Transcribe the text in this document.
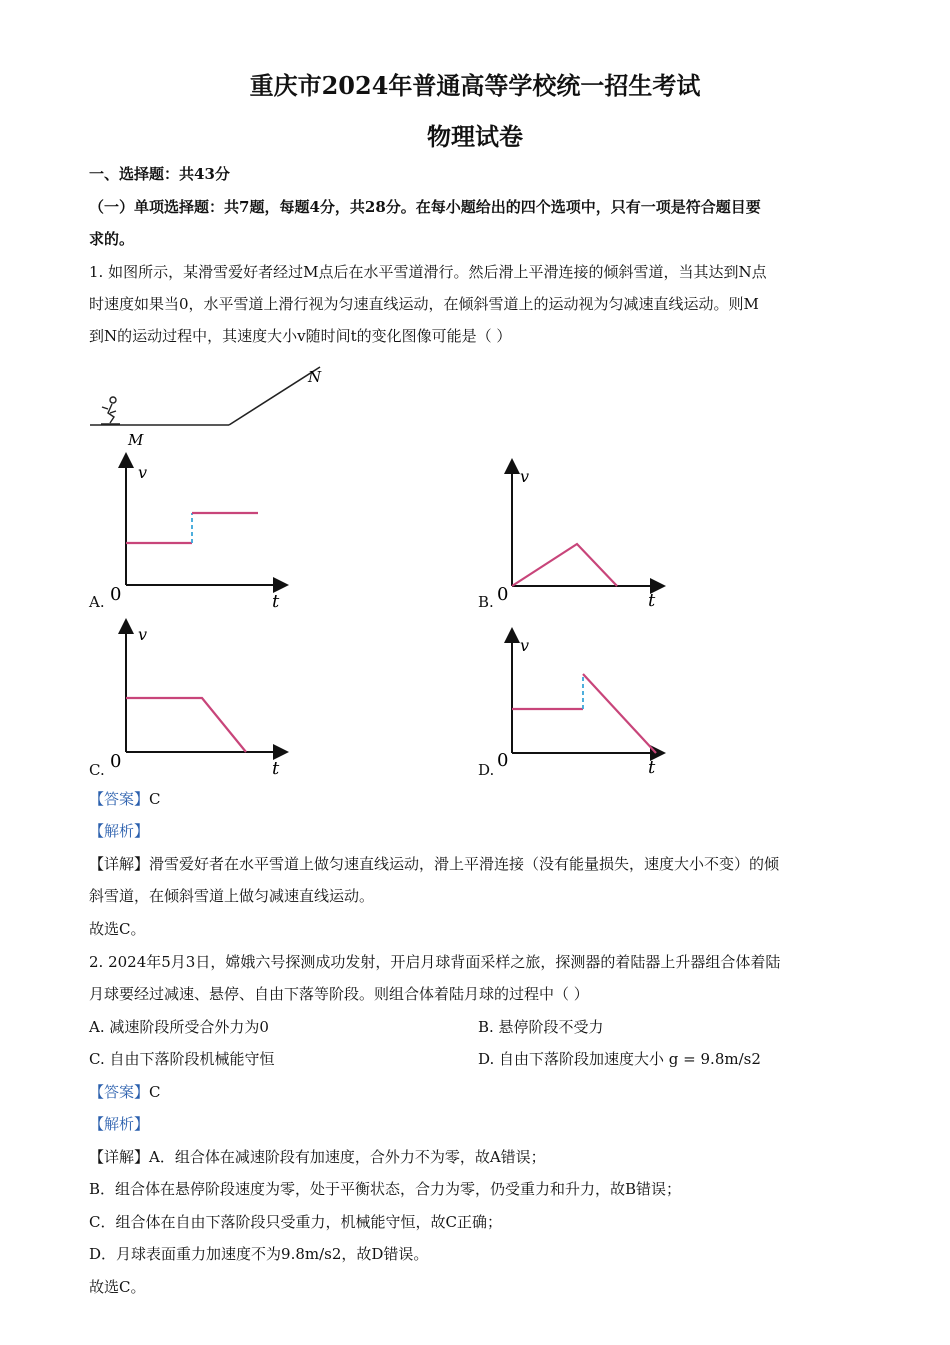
重庆市2024年普通高等学校统一招生考试
物理试卷
一、选择题：共43分
（一）单项选择题：共7题，每题4分，共28分。在每小题给出的四个选项中，只有一项是符合题目要
求的。
1. 如图所示，某滑雪爱好者经过M点后在水平雪道滑行。然后滑上平滑连接的倾斜雪道，当其达到N点
时速度如果当0，水平雪道上滑行视为匀速直线运动，在倾斜雪道上的运动视为匀减速直线运动。则M
到N的运动过程中，其速度大小v随时间t的变化图像可能是（ ）
M
N
v
t
0
A.
v
t
0
B.
v
t
0
C.
v
t
0
D.
【答案】C
【解析】
【详解】滑雪爱好者在水平雪道上做匀速直线运动，滑上平滑连接（没有能量损失，速度大小不变）的倾
斜雪道，在倾斜雪道上做匀减速直线运动。
故选C。
2. 2024年5月3日，嫦娥六号探测成功发射，开启月球背面采样之旅，探测器的着陆器上升器组合体着陆
月球要经过减速、悬停、自由下落等阶段。则组合体着陆月球的过程中（ ）
A. 减速阶段所受合外力为0	B. 悬停阶段不受力
C. 自由下落阶段机械能守恒	D. 自由下落阶段加速度大小 g = 9.8m/s2
【答案】C
【解析】
【详解】A．组合体在减速阶段有加速度，合外力不为零，故A错误；
B．组合体在悬停阶段速度为零，处于平衡状态，合力为零，仍受重力和升力，故B错误；
C．组合体在自由下落阶段只受重力，机械能守恒，故C正确；
D．月球表面重力加速度不为9.8m/s2，故D错误。
故选C。
